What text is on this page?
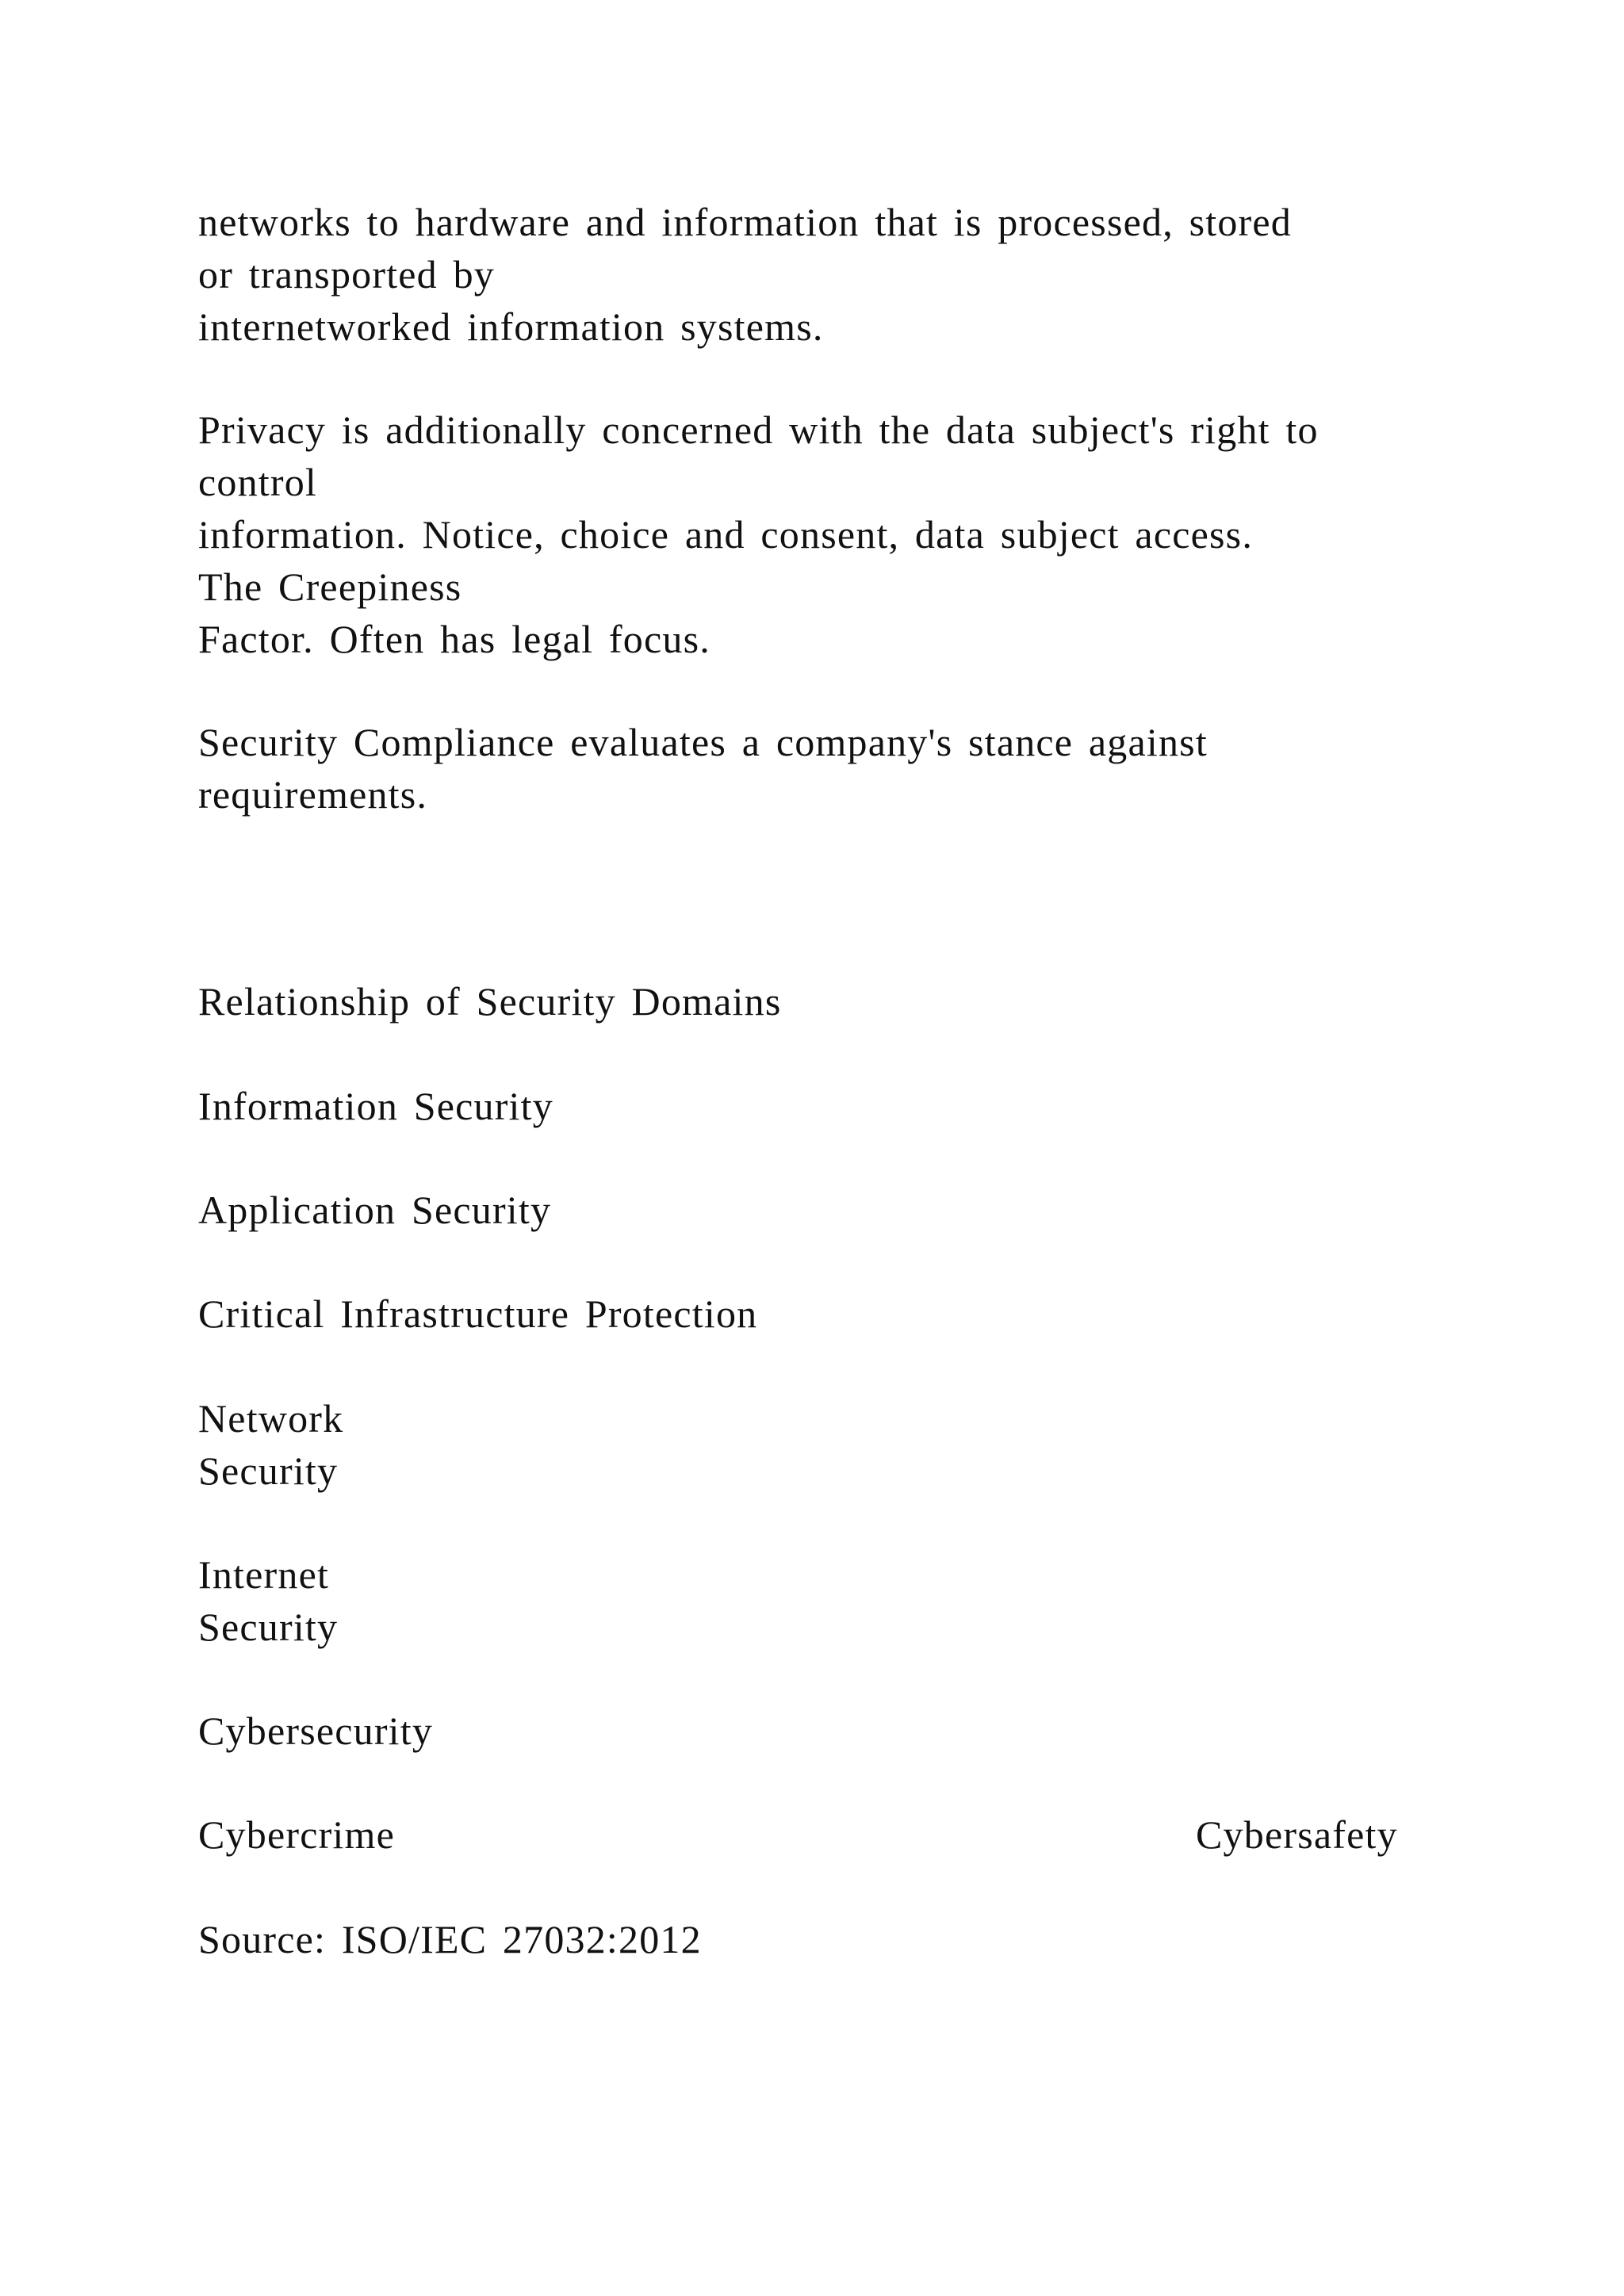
networks to hardware and information that is processed, stored
or transported by
internetworked information systems.
Privacy is additionally concerned with the data subject's right to
control
information. Notice, choice and consent, data subject access.
The Creepiness
Factor. Often has legal focus.
Security Compliance evaluates a company's stance against
requirements.
Relationship of Security Domains
Information Security
Application Security
Critical Infrastructure Protection
Network
Security
Internet
Security
Cybersecurity
Cybercrime	Cybersafety
Source: ISO/IEC 27032:2012
